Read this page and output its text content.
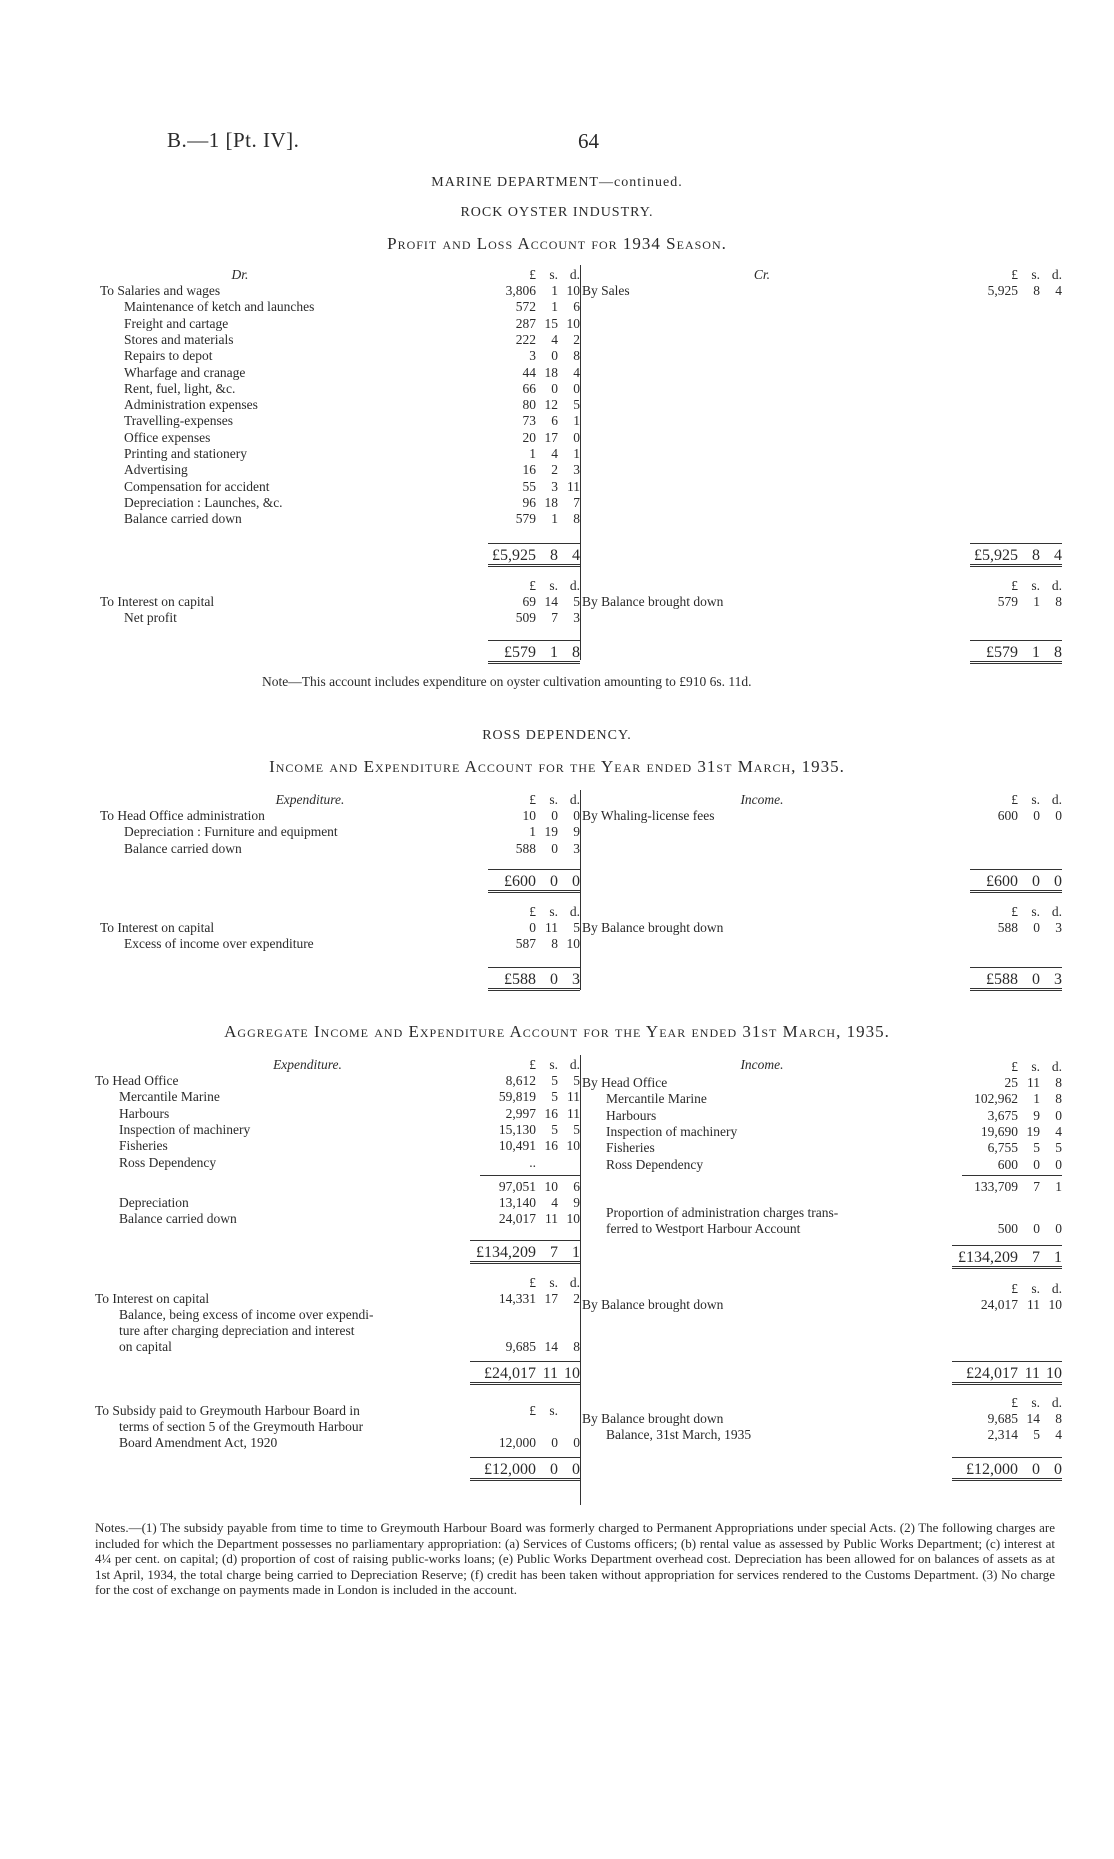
B.—1 [Pt. IV].	64
MARINE DEPARTMENT—continued.
ROCK OYSTER INDUSTRY.
Profit and Loss Account for 1934 Season.
Dr.	£ s. d.
To Salaries and wages	3,806 1 10
Maintenance of ketch and launches	572 1 6
Freight and cartage	287 15 10
Stores and materials	222 4 2
Repairs to depot	3 0 8
Wharfage and cranage	44 18 4
Rent, fuel, light, &c.	66 0 0
Administration expenses	80 12 5
Travelling-expenses	73 6 1
Office expenses	20 17 0
Printing and stationery	1 4 1
Advertising	16 2 3
Compensation for accident	55 3 11
Depreciation : Launches, &c.	96 18 7
Balance carried down	579 1 8
£5,925 8 4
£ s. d.
To Interest on capital	69 14 5
Net profit	509 7 3
£579 1 8
Cr.	£ s. d.
By Sales	5,925 8 4
£5,925 8 4
£ s. d.
By Balance brought down	579 1 8
£579 1 8
Note—This account includes expenditure on oyster cultivation amounting to £910 6s. 11d.
ROSS DEPENDENCY.
Income and Expenditure Account for the Year ended 31st March, 1935.
Expenditure.	£ s. d.
To Head Office administration	10 0 0
Depreciation : Furniture and equipment	1 19 9
Balance carried down	588 0 3
£600 0 0
£ s. d.
To Interest on capital	0 11 5
Excess of income over expenditure	587 8 10
£588 0 3
Income.	£ s. d.
By Whaling-license fees	600 0 0
£600 0 0
£ s. d.
By Balance brought down	588 0 3
£588 0 3
Aggregate Income and Expenditure Account for the Year ended 31st March, 1935.
Expenditure.	£ s. d.
To Head Office	8,612 5 5
Mercantile Marine	59,819 5 11
Harbours	2,997 16 11
Inspection of machinery	15,130 5 5
Fisheries	10,491 16 10
Ross Dependency	..
97,051 10 6
Depreciation	13,140 4 9
Balance carried down	24,017 11 10
£134,209 7 1
£ s. d.
To Interest on capital	14,331 17 2
Balance, being excess of income over expendi-
ture after charging depreciation and interest
on capital	9,685 14 8
£24,017 11 10
To Subsidy paid to Greymouth Harbour Board in	£ s.
terms of section 5 of the Greymouth Harbour
Board Amendment Act, 1920	12,000 0 0
£12,000 0 0
Income.	£ s. d.
By Head Office	25 11 8
Mercantile Marine	102,962 1 8
Harbours	3,675 9 0
Inspection of machinery	19,690 19 4
Fisheries	6,755 5 5
Ross Dependency	600 0 0
133,709 7 1
Proportion of administration charges trans-
ferred to Westport Harbour Account	500 0 0
£134,209 7 1
£ s. d.
By Balance brought down	24,017 11 10
£24,017 11 10
£ s. d.
By Balance brought down	9,685 14 8
Balance, 31st March, 1935	2,314 5 4
£12,000 0 0
Notes.—(1) The subsidy payable from time to time to Greymouth Harbour Board was formerly charged to Permanent Appropriations under special Acts. (2) The following charges are included for which the Department possesses no parliamentary appropriation: (a) Services of Customs officers; (b) rental value as assessed by Public Works Department; (c) interest at 4¼ per cent. on capital; (d) proportion of cost of raising public-works loans; (e) Public Works Department overhead cost. Depreciation has been allowed for on balances of assets as at 1st April, 1934, the total charge being carried to Depreciation Reserve; (f) credit has been taken without appropriation for services rendered to the Customs Department. (3) No charge for the cost of exchange on payments made in London is included in the account.
